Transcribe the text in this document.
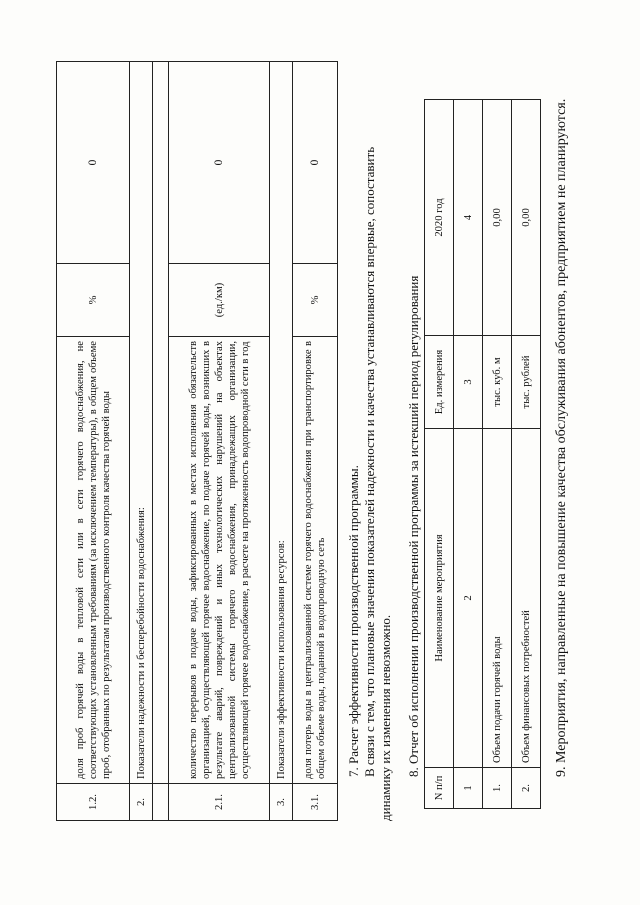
1.2.	доля проб горячей воды в тепловой сети или в сети горячего водоснабжения, не соответствующих установленным требованиям (за исключением температуры), в общем объеме проб, отобранных по результатам производственного контроля качества горячей воды	%	0
2.	Показатели надежности и бесперебойности водоснабжения:		

2.1.	количество перерывов в подаче воды, зафиксированных в местах исполнения обязательств организацией, осуществляющей горячее водоснабжение, по подаче горячей воды, возникших в результате аварий, повреждений и иных технологических нарушений на объектах централизованной системы горячего водоснабжения, принадлежащих организации, осуществляющей горячее водоснабжение, в расчете на протяженность водопроводной сети в год	(ед./км)	0
3.	Показатели эффективности использования ресурсов:		
3.1.	доля потерь воды в централизованной системе горячего водоснабжения при транспортировке в общем объеме воды, поданной в водопроводную сеть	%	0
7. Расчет эффективности производственной программы. В связи с тем, что плановые значения показателей надежности и качества устанавливаются впервые, сопоставить динамику их изменения невозможно. 8. Отчет об исполнении производственной программы за истекший период регулирования
N п/п	Наименование мероприятия	Ед. измерения	2020 год
1	2	3	4
1.	Объем подачи горячей воды	тыс. куб. м	0,00
2.	Объем финансовых потребностей	тыс. рублей	0,00 9. Мероприятия, направленные на повышение качества обслуживания абонентов, предприятием не планируются.
